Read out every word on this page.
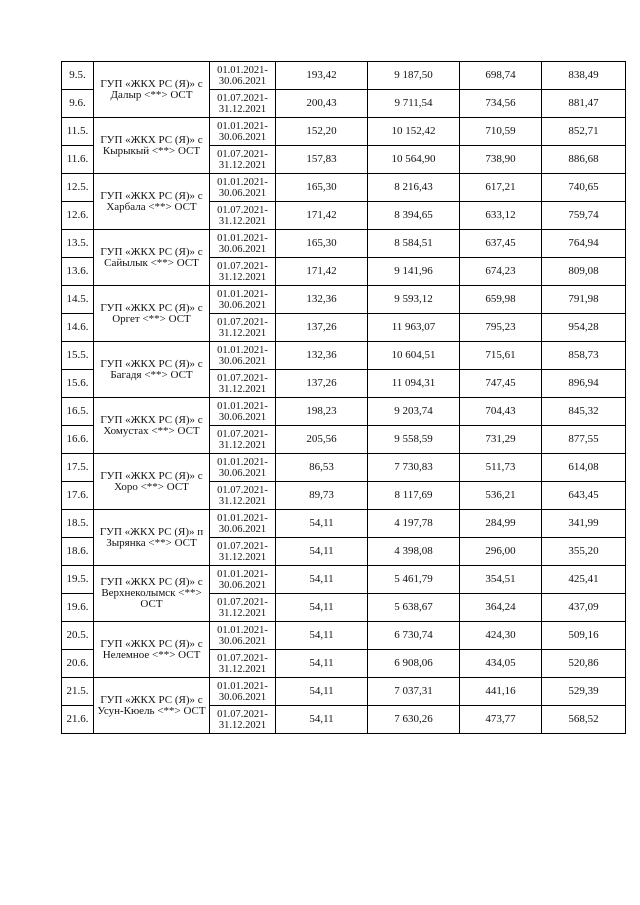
9.5.	ГУП «ЖКХ РС (Я)» с Далыр <**> ОСТ	01.01.2021-30.06.2021	193,42	9 187,50	698,74	838,49
9.6.		01.07.2021-31.12.2021	200,43	9 711,54	734,56	881,47
11.5.	ГУП «ЖКХ РС (Я)» с Кырыкый <**> ОСТ	01.01.2021-30.06.2021	152,20	10 152,42	710,59	852,71
11.6.		01.07.2021-31.12.2021	157,83	10 564,90	738,90	886,68
12.5.	ГУП «ЖКХ РС (Я)» с Харбала <**> ОСТ	01.01.2021-30.06.2021	165,30	8 216,43	617,21	740,65
12.6.		01.07.2021-31.12.2021	171,42	8 394,65	633,12	759,74
13.5.	ГУП «ЖКХ РС (Я)» с Сайылык <**> ОСТ	01.01.2021-30.06.2021	165,30	8 584,51	637,45	764,94
13.6.		01.07.2021-31.12.2021	171,42	9 141,96	674,23	809,08
14.5.	ГУП «ЖКХ РС (Я)» с Оргет <**> ОСТ	01.01.2021-30.06.2021	132,36	9 593,12	659,98	791,98
14.6.		01.07.2021-31.12.2021	137,26	11 963,07	795,23	954,28
15.5.	ГУП «ЖКХ РС (Я)» с Багадя <**> ОСТ	01.01.2021-30.06.2021	132,36	10 604,51	715,61	858,73
15.6.		01.07.2021-31.12.2021	137,26	11 094,31	747,45	896,94
16.5.	ГУП «ЖКХ РС (Я)» с Хомустах <**> ОСТ	01.01.2021-30.06.2021	198,23	9 203,74	704,43	845,32
16.6.		01.07.2021-31.12.2021	205,56	9 558,59	731,29	877,55
17.5.	ГУП «ЖКХ РС (Я)» с Хоро <**> ОСТ	01.01.2021-30.06.2021	86,53	7 730,83	511,73	614,08
17.6.		01.07.2021-31.12.2021	89,73	8 117,69	536,21	643,45
18.5.	ГУП «ЖКХ РС (Я)» п Зырянка <**> ОСТ	01.01.2021-30.06.2021	54,11	4 197,78	284,99	341,99
18.6.		01.07.2021-31.12.2021	54,11	4 398,08	296,00	355,20
19.5.	ГУП «ЖКХ РС (Я)» с Верхнеколымск <**> ОСТ	01.01.2021-30.06.2021	54,11	5 461,79	354,51	425,41
19.6.		01.07.2021-31.12.2021	54,11	5 638,67	364,24	437,09
20.5.	ГУП «ЖКХ РС (Я)» с Нелемное <**> ОСТ	01.01.2021-30.06.2021	54,11	6 730,74	424,30	509,16
20.6.		01.07.2021-31.12.2021	54,11	6 908,06	434,05	520,86
21.5.	ГУП «ЖКХ РС (Я)» с Усун-Кюель <**> ОСТ	01.01.2021-30.06.2021	54,11	7 037,31	441,16	529,39
21.6.		01.07.2021-31.12.2021	54,11	7 630,26	473,77	568,52
